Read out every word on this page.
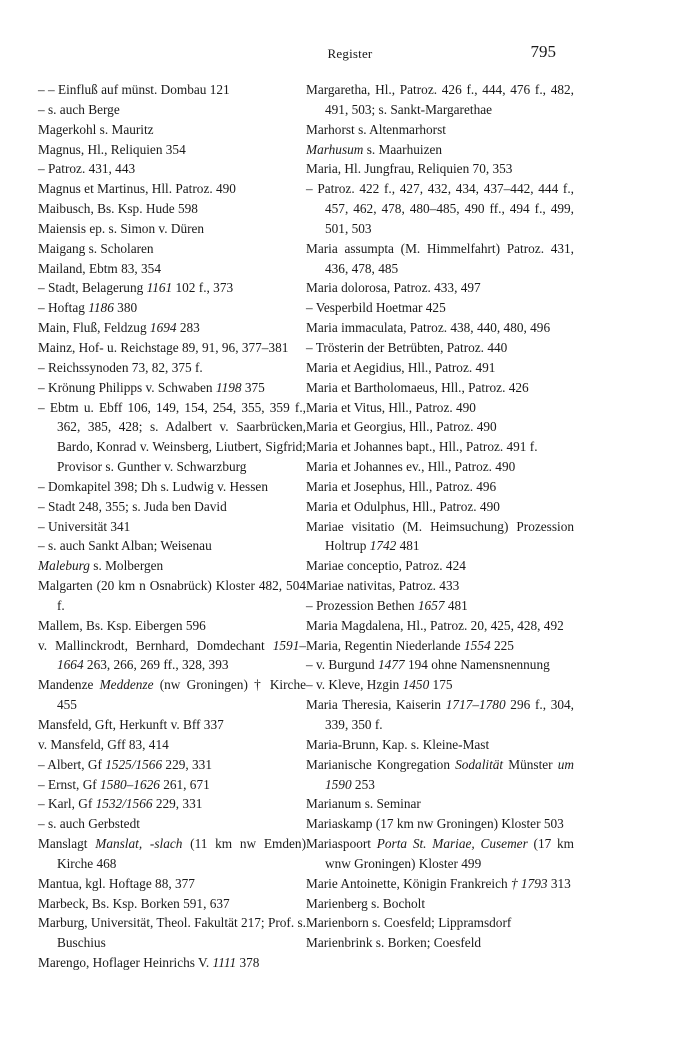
Register	795
– – Einfluß auf münst. Dombau 121
– s. auch Berge
Magerkohl s. Mauritz
Magnus, Hl., Reliquien 354
– Patroz. 431, 443
Magnus et Martinus, Hll. Patroz. 490
Maibusch, Bs. Ksp. Hude 598
Maiensis ep. s. Simon v. Düren
Maigang s. Scholaren
Mailand, Ebtm 83, 354
– Stadt, Belagerung 1161 102 f., 373
– Hoftag 1186 380
Main, Fluß, Feldzug 1694 283
Mainz, Hof- u. Reichstage 89, 91, 96, 377–381
– Reichssynoden 73, 82, 375 f.
– Krönung Philipps v. Schwaben 1198 375
– Ebtm u. Ebff 106, 149, 154, 254, 355, 359 f., 362, 385, 428; s. Adalbert v. Saarbrücken, Bardo, Konrad v. Weinsberg, Liutbert, Sigfrid; Provisor s. Gunther v. Schwarzburg
– Domkapitel 398; Dh s. Ludwig v. Hessen
– Stadt 248, 355; s. Juda ben David
– Universität 341
– s. auch Sankt Alban; Weisenau
Maleburg s. Molbergen
Malgarten (20 km n Osnabrück) Kloster 482, 504 f.
Mallem, Bs. Ksp. Eibergen 596
v. Mallinckrodt, Bernhard, Domdechant 1591–1664 263, 266, 269 ff., 328, 393
Mandenze Meddenze (nw Groningen) † Kirche 455
Mansfeld, Gft, Herkunft v. Bff 337
v. Mansfeld, Gff 83, 414
– Albert, Gf 1525/1566 229, 331
– Ernst, Gf 1580–1626 261, 671
– Karl, Gf 1532/1566 229, 331
– s. auch Gerbstedt
Manslagt Manslat, -slach (11 km nw Emden) Kirche 468
Mantua, kgl. Hoftage 88, 377
Marbeck, Bs. Ksp. Borken 591, 637
Marburg, Universität, Theol. Fakultät 217; Prof. s. Buschius
Marengo, Hoflager Heinrichs V. 1111 378
Margaretha, Hl., Patroz. 426 f., 444, 476 f., 482, 491, 503; s. Sankt-Margarethae
Marhorst s. Altenmarhorst
Marhusum s. Maarhuizen
Maria, Hl. Jungfrau, Reliquien 70, 353
– Patroz. 422 f., 427, 432, 434, 437–442, 444 f., 457, 462, 478, 480–485, 490 ff., 494 f., 499, 501, 503
Maria assumpta (M. Himmelfahrt) Patroz. 431, 436, 478, 485
Maria dolorosa, Patroz. 433, 497
– Vesperbild Hoetmar 425
Maria immaculata, Patroz. 438, 440, 480, 496
– Trösterin der Betrübten, Patroz. 440
Maria et Aegidius, Hll., Patroz. 491
Maria et Bartholomaeus, Hll., Patroz. 426
Maria et Vitus, Hll., Patroz. 490
Maria et Georgius, Hll., Patroz. 490
Maria et Johannes bapt., Hll., Patroz. 491 f.
Maria et Johannes ev., Hll., Patroz. 490
Maria et Josephus, Hll., Patroz. 496
Maria et Odulphus, Hll., Patroz. 490
Mariae visitatio (M. Heimsuchung) Prozession Holtrup 1742 481
Mariae conceptio, Patroz. 424
Mariae nativitas, Patroz. 433
– Prozession Bethen 1657 481
Maria Magdalena, Hl., Patroz. 20, 425, 428, 492
Maria, Regentin Niederlande 1554 225
– v. Burgund 1477 194 ohne Namensnennung
– v. Kleve, Hzgin 1450 175
Maria Theresia, Kaiserin 1717–1780 296 f., 304, 339, 350 f.
Maria-Brunn, Kap. s. Kleine-Mast
Marianische Kongregation Sodalität Münster um 1590 253
Marianum s. Seminar
Mariaskamp (17 km nw Groningen) Kloster 503
Mariaspoort Porta St. Mariae, Cusemer (17 km wnw Groningen) Kloster 499
Marie Antoinette, Königin Frankreich † 1793 313
Marienberg s. Bocholt
Marienborn s. Coesfeld; Lippramsdorf
Marienbrink s. Borken; Coesfeld
